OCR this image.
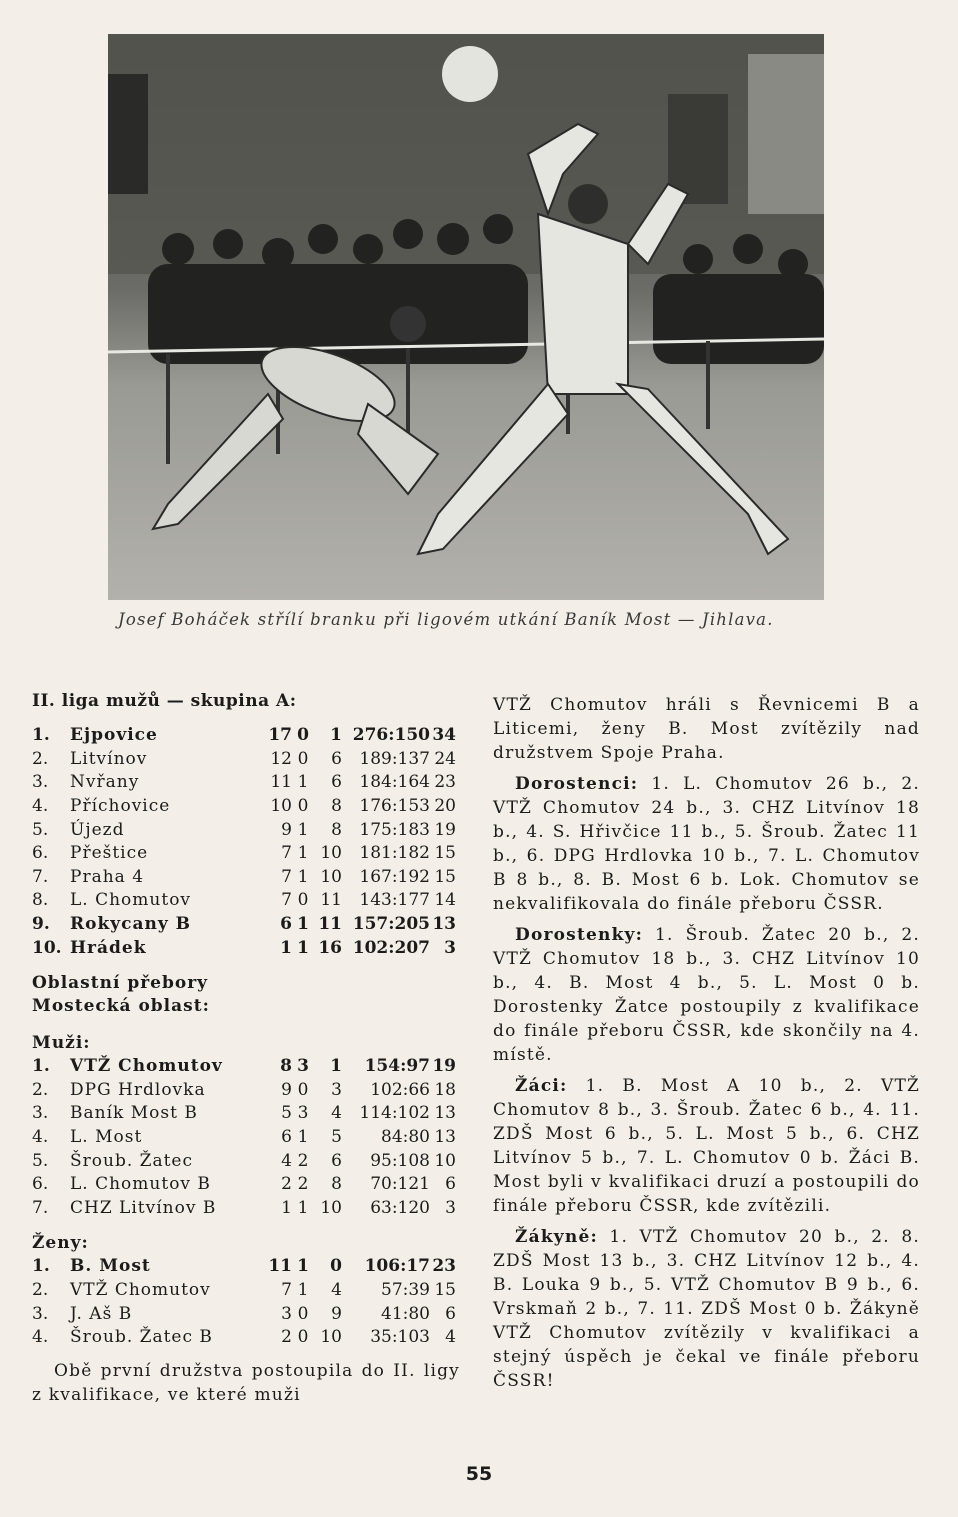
Josef Boháček střílí branku při ligovém utkání Baník Most — Jihlava.
II. liga mužů — skupina A:
1.	Ejpovice	17	0	1	276:150	34
2.	Litvínov	12	0	6	189:137	24
3.	Nvřany	11	1	6	184:164	23
4.	Příchovice	10	0	8	176:153	20
5.	Újezd	9	1	8	175:183	19
6.	Přeštice	7	1	10	181:182	15
7.	Praha 4	7	1	10	167:192	15
8.	L. Chomutov	7	0	11	143:177	14
9.	Rokycany B	6	1	11	157:205	13
10.	Hrádek	1	1	16	102:207	3
Oblastní přebory
Mostecká oblast:
Muži:
1.	VTŽ Chomutov	8	3	1	154:97	19
2.	DPG Hrdlovka	9	0	3	102:66	18
3.	Baník Most B	5	3	4	114:102	13
4.	L. Most	6	1	5	84:80	13
5.	Šroub. Žatec	4	2	6	95:108	10
6.	L. Chomutov B	2	2	8	70:121	6
7.	CHZ Litvínov B	1	1	10	63:120	3
Ženy:
1.	B. Most	11	1	0	106:17	23
2.	VTŽ Chomutov	7	1	4	57:39	15
3.	J. Aš B	3	0	9	41:80	6
4.	Šroub. Žatec B	2	0	10	35:103	4

Obě první družstva postoupila do II. ligy z kvalifikace, ve které muži

VTŽ Chomutov hráli s Řevnicemi B a Liticemi, ženy B. Most zvítězily nad družstvem Spoje Praha.

Dorostenci: 1. L. Chomutov 26 b., 2. VTŽ Chomutov 24 b., 3. CHZ Litvínov 18 b., 4. S. Hřivčice 11 b., 5. Šroub. Žatec 11 b., 6. DPG Hrdlovka 10 b., 7. L. Chomutov B 8 b., 8. B. Most 6 b. Lok. Chomutov se nekvalifikovala do finále přeboru ČSSR.

Dorostenky: 1. Šroub. Žatec 20 b., 2. VTŽ Chomutov 18 b., 3. CHZ Litvínov 10 b., 4. B. Most 4 b., 5. L. Most 0 b. Dorostenky Žatce postoupily z kvalifikace do finále přeboru ČSSR, kde skončily na 4. místě.

Žáci: 1. B. Most A 10 b., 2. VTŽ Chomutov 8 b., 3. Šroub. Žatec 6 b., 4. 11. ZDŠ Most 6 b., 5. L. Most 5 b., 6. CHZ Litvínov 5 b., 7. L. Chomutov 0 b. Žáci B. Most byli v kvalifikaci druzí a postoupili do finále přeboru ČSSR, kde zvítězili.

Žákyně: 1. VTŽ Chomutov 20 b., 2. 8. ZDŠ Most 13 b., 3. CHZ Litvínov 12 b., 4. B. Louka 9 b., 5. VTŽ Chomutov B 9 b., 6. Vrskmaň 2 b., 7. 11. ZDŠ Most 0 b. Žákyně VTŽ Chomutov zvítězily v kvalifikaci a stejný úspěch je čekal ve finále přeboru ČSSR!

55
